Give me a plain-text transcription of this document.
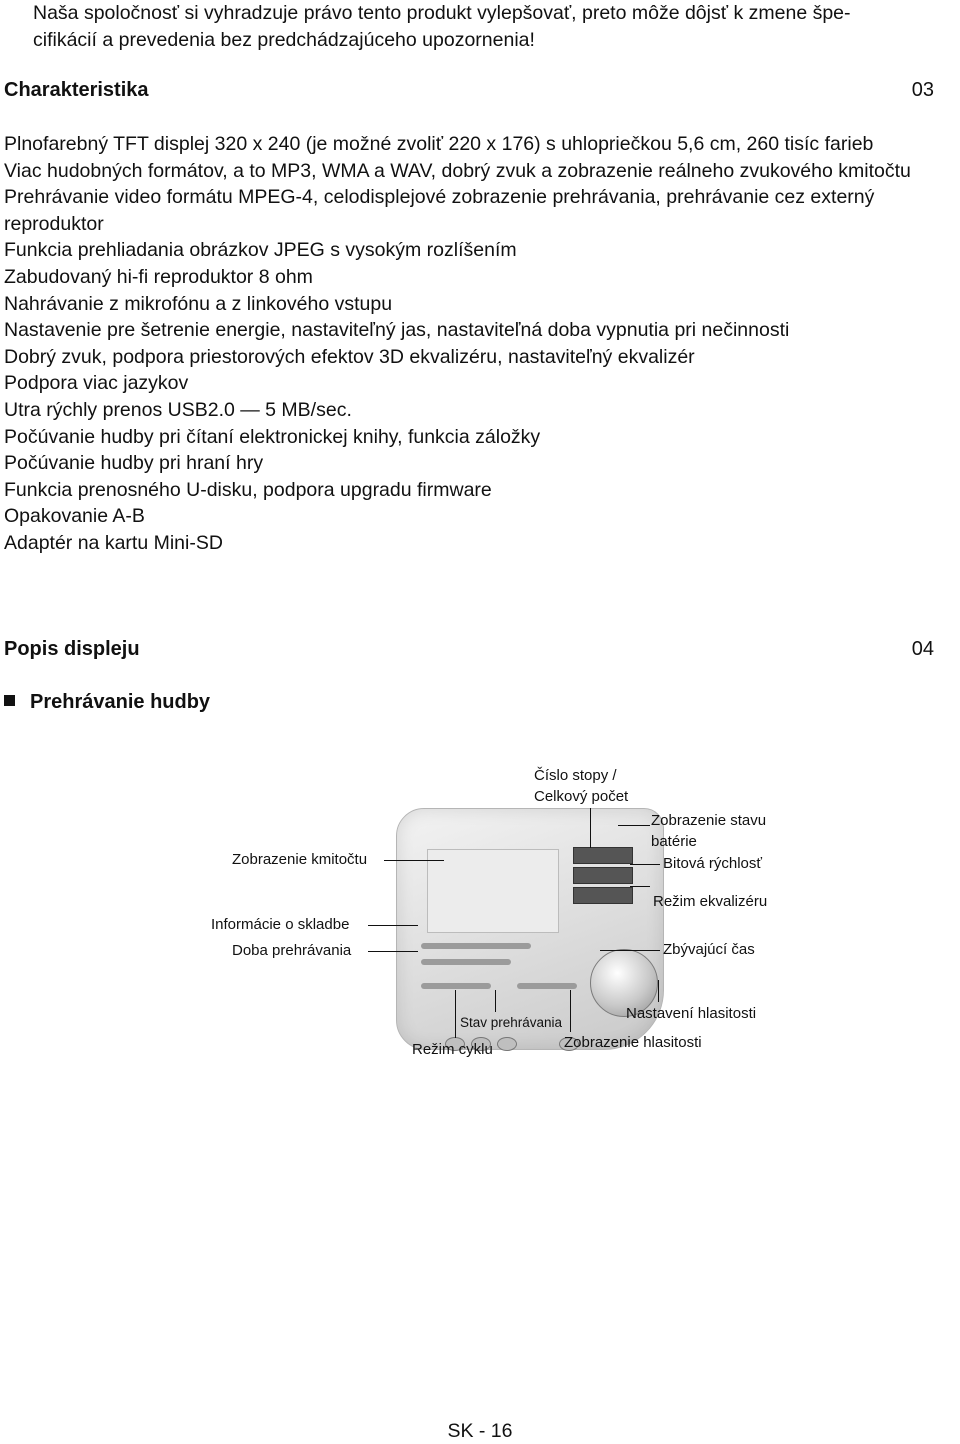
Naša spoločnosť si vyhradzuje právo tento produkt vylepšovať, preto môže dôjsť k zmene špe-
cifikácií a prevedenia bez predchádzajúceho upozornenia!

Charakteristika	03
Plnofarebný TFT displej 320 x 240 (je možné zvoliť 220 x 176) s uhlopriečkou 5,6 cm, 260 tisíc farieb
Viac hudobných formátov, a to MP3, WMA a WAV, dobrý zvuk a zobrazenie reálneho zvukového kmitočtu
Prehrávanie video formátu MPEG-4, celodisplejové zobrazenie prehrávania, prehrávanie cez externý reproduktor
Funkcia prehliadania obrázkov JPEG s vysokým rozlíšením
Zabudovaný hi-fi reproduktor 8 ohm
Nahrávanie z mikrofónu a z linkového vstupu
Nastavenie pre šetrenie energie, nastaviteľný jas, nastaviteľná doba vypnutia pri nečinnosti
Dobrý zvuk, podpora priestorových efektov 3D ekvalizéru, nastaviteľný ekvalizér
Podpora viac jazykov
Utra rýchly prenos USB2.0 — 5 MB/sec.
Počúvanie hudby pri čítaní elektronickej knihy, funkcia záložky
Počúvanie hudby pri hraní hry
Funkcia prenosného U-disku, podpora upgradu firmware
Opakovanie A-B
Adaptér na kartu Mini-SD
Popis displeju	04
Prehrávanie hudby
Číslo stopy /
Celkový počet
Zobrazenie stavu
batérie
Zobrazenie kmitočtu	Bitová rýchlosť
Režim ekvalizéru
Informácie o skladbe
Doba prehrávania	Zbývajúcí čas
Nastavení hlasitosti
Stav prehrávania
Zobrazenie hlasitosti
Režim cyklu
SK - 16
